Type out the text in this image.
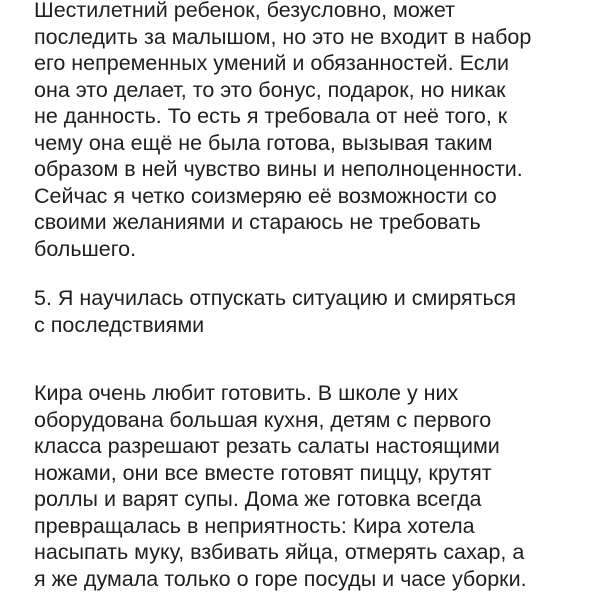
Шестилетний ребенок, безусловно, может
последить за малышом, но это не входит в набор
его непременных умений и обязанностей. Если
она это делает, то это бонус, подарок, но никак
не данность. То есть я требовала от неё того, к
чему она ещё не была готова, вызывая таким
образом в ней чувство вины и неполноценности.
Сейчас я четко соизмеряю её возможности со
своими желаниями и стараюсь не требовать
большего.
5. Я научилась отпускать ситуацию и смиряться
с последствиями
Кира очень любит готовить. В школе у них
оборудована большая кухня, детям с первого
класса разрешают резать салаты настоящими
ножами, они все вместе готовят пиццу, крутят
роллы и варят супы. Дома же готовка всегда
превращалась в неприятность: Кира хотела
насыпать муку, взбивать яйца, отмерять сахар, а
я же думала только о горе посуды и часе уборки.
